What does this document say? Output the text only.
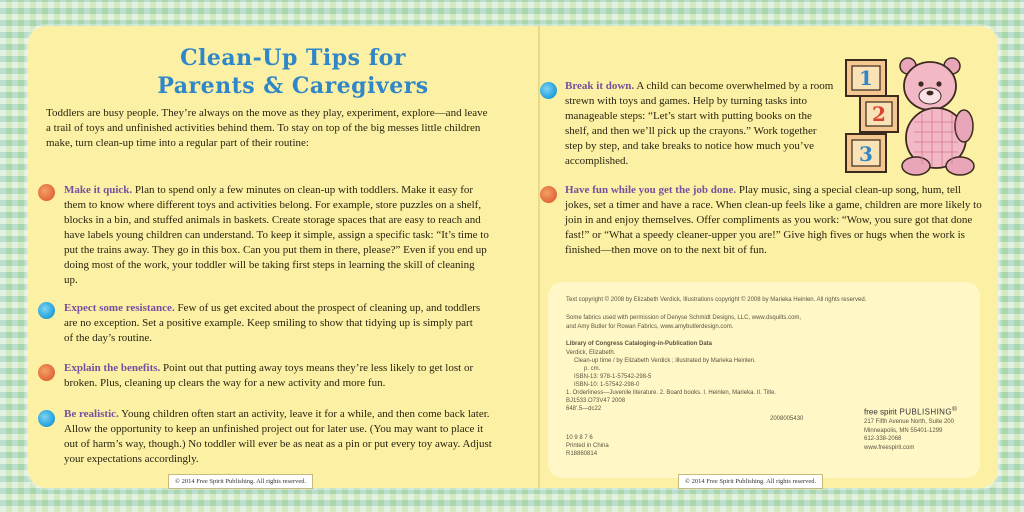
Clean-Up Tips for
Parents & Caregivers

Toddlers are busy people. They’re always on the move as they play, experiment, explore—and leave a trail of toys and unfinished activities behind them. To stay on top of the big messes little children make, turn clean-up time into a regular part of their routine:

Make it quick. Plan to spend only a few minutes on clean-up with toddlers. Make it easy for them to know where different toys and activities belong. For example, store puzzles on a shelf, blocks in a bin, and stuffed animals in baskets. Create storage spaces that are easy to reach and have labels young children can understand. To keep it simple, assign a specific task: “It’s time to put the trains away. They go in this box. Can you put them in there, please?” Even if you end up doing most of the work, your toddler will be taking first steps in learning the skill of cleaning up.

Expect some resistance. Few of us get excited about the prospect of cleaning up, and toddlers are no exception. Set a positive example. Keep smiling to show that tidying up is simply part of the day’s routine.

Explain the benefits. Point out that putting away toys means they’re less likely to get lost or broken. Plus, cleaning up clears the way for a new activity and more fun.

Be realistic. Young children often start an activity, leave it for a while, and then come back later. Allow the opportunity to keep an unfinished project out for later use. (You may want to place it out of harm’s way, though.) No toddler will ever be as neat as a pin or put every toy away. Adjust your expectations accordingly.

© 2014 Free Spirit Publishing. All rights reserved.

Break it down. A child can become overwhelmed by a room strewn with toys and games. Help by turning tasks into manageable steps: “Let’s start with putting books on the shelf, and then we’ll pick up the crayons.” Work together step by step, and take breaks to notice how much you’ve accomplished.

Have fun while you get the job done. Play music, sing a special clean-up song, hum, tell jokes, set a timer and have a race. When clean-up feels like a game, children are more likely to join in and enjoy themselves. Offer compliments as you work: “Wow, you sure got that done fast!” or “What a speedy cleaner-upper you are!” Give high fives or hugs when the work is finished—then move on to the next bit of fun.

1
2
3

Text copyright © 2008 by Elizabeth Verdick, Illustrations copyright © 2008 by Marieka Heinlen. All rights reserved.

Some fabrics used with permission of Denyse Schmidt Designs, LLC, www.dsquilts.com,

and Amy Butler for Rowan Fabrics, www.amybutlerdesign.com.

Library of Congress Cataloging-in-Publication Data

Verdick, Elizabeth.

Clean-up time / by Elizabeth Verdick ; illustrated by Marieka Heinlen.

p. cm.

ISBN-13: 978-1-57542-298-5

ISBN-10: 1-57542-298-0

1. Orderliness—Juvenile literature. 2. Board books. I. Heinlen, Marieka. II. Title.

BJ1533.O73V47 2008

648'.5—dc22

2008005430

10 9 8 7 6

Printed in China

R18860814

free spirit PUBLISHING®
217 Fifth Avenue North, Suite 200
Minneapolis, MN 55401-1299
612-338-2068
www.freespirit.com
© 2014 Free Spirit Publishing. All rights reserved.
